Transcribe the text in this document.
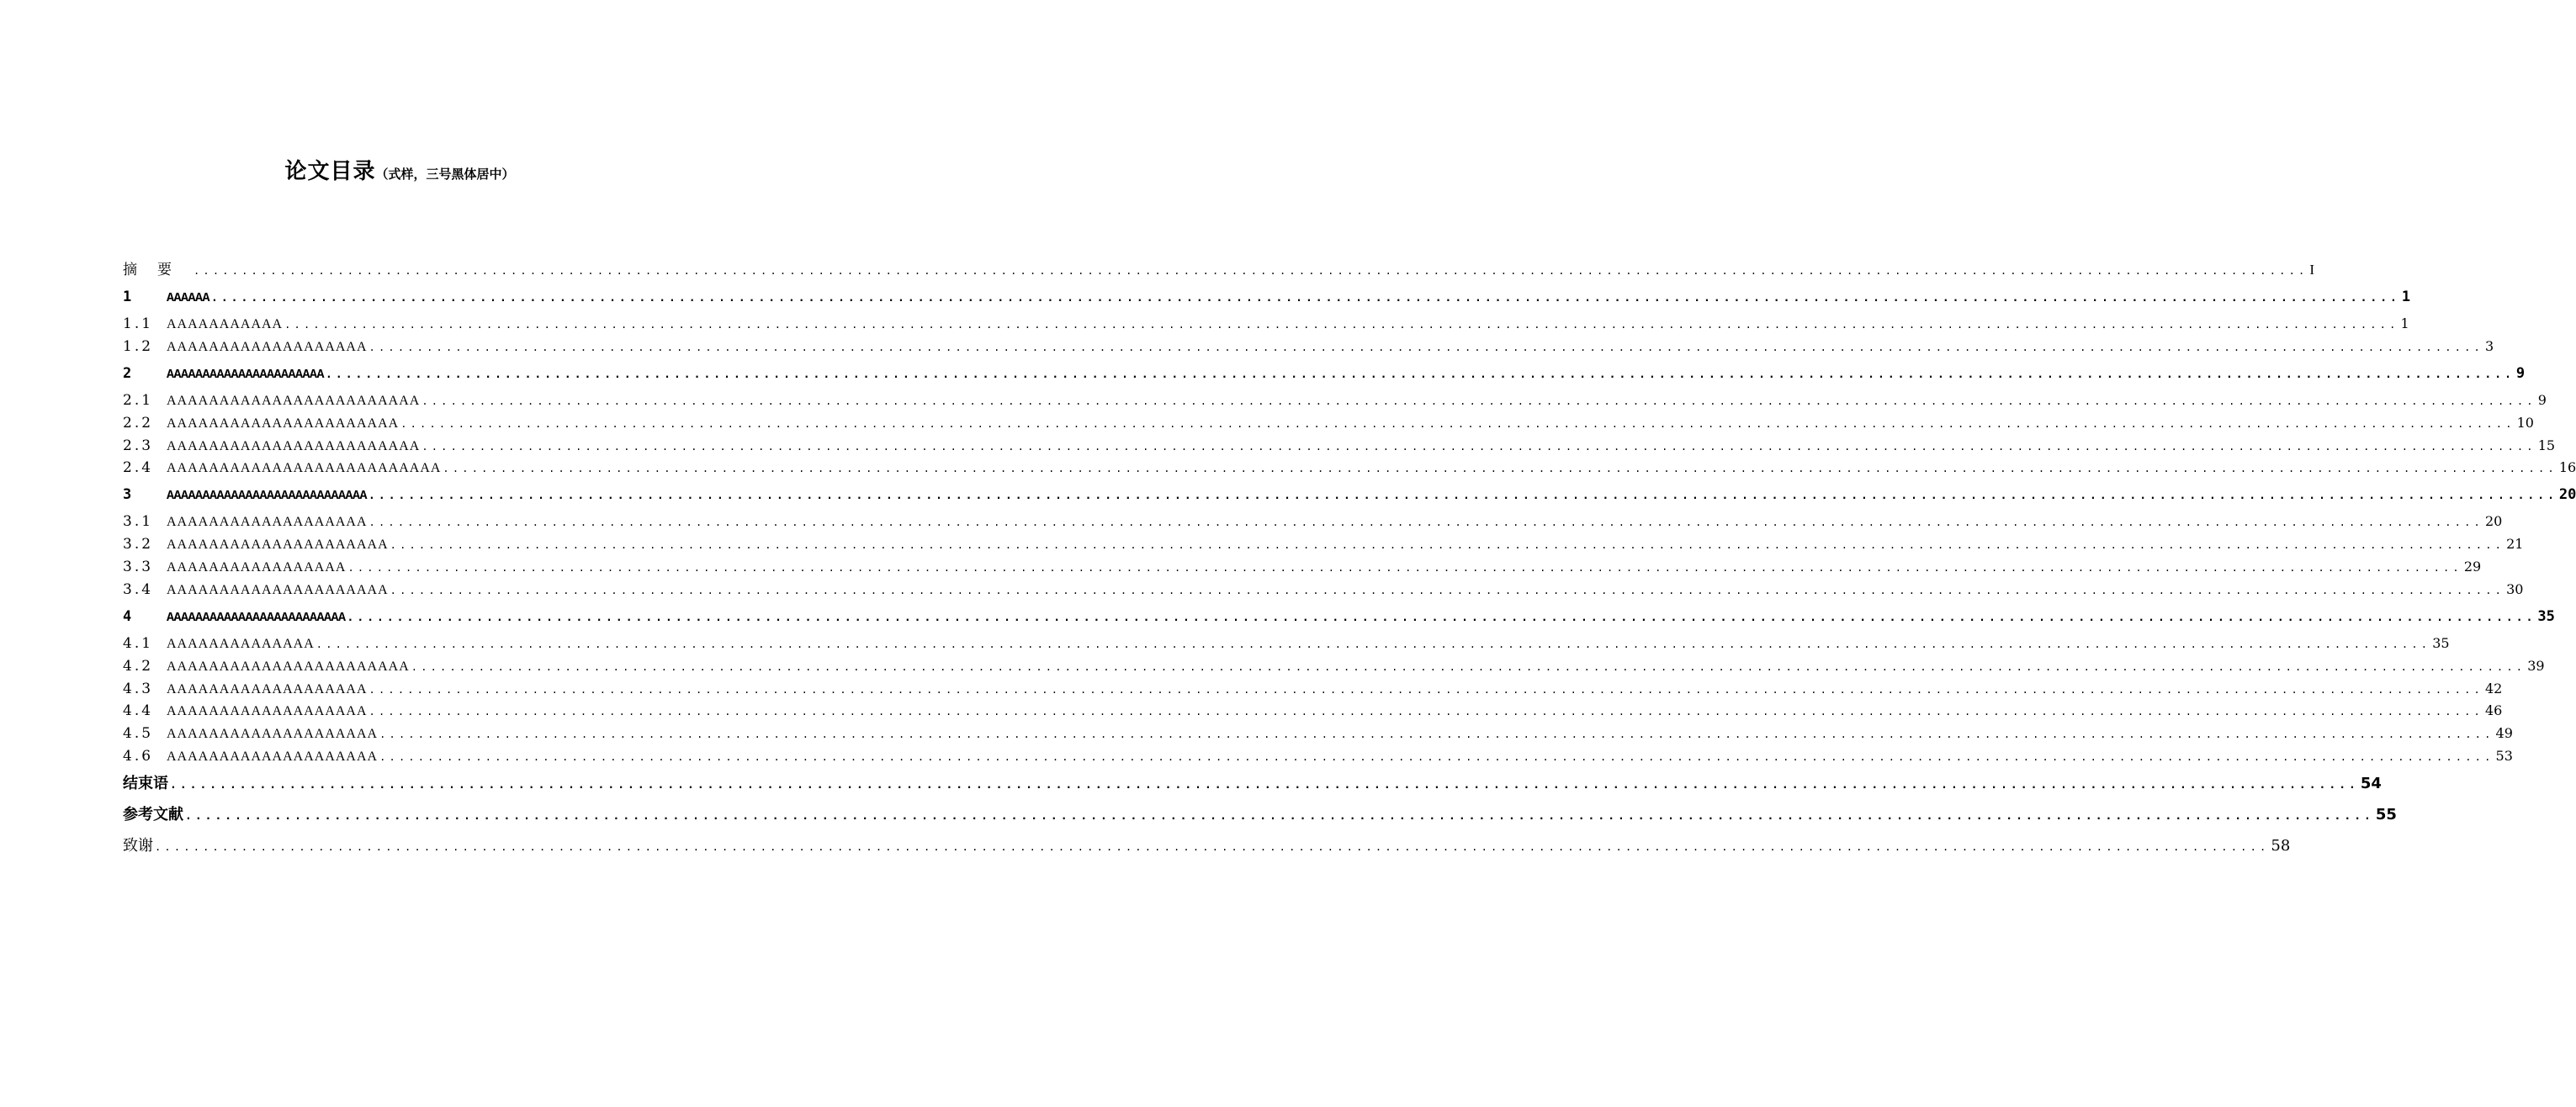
论文目录（式样，三号黑体居中）
摘要 ............................................................................................................................................................................................................................ I
1	AAAAAA ............................................................................................................................................................................................................................ 1
1.1 AAAAAAAAAAA ............................................................................................................................................................................................................................ 1
1.2 AAAAAAAAAAAAAAAAAAA ............................................................................................................................................................................................................................ 3
2	AAAAAAAAAAAAAAAAAAAAAA ............................................................................................................................................................................................................................ 9
2.1 AAAAAAAAAAAAAAAAAAAAAAAA ............................................................................................................................................................................................................................ 9
2.2 AAAAAAAAAAAAAAAAAAAAAA ............................................................................................................................................................................................................................ 10
2.3 AAAAAAAAAAAAAAAAAAAAAAAA ............................................................................................................................................................................................................................ 15
2.4 AAAAAAAAAAAAAAAAAAAAAAAAAA ............................................................................................................................................................................................................................ 16
3	AAAAAAAAAAAAAAAAAAAAAAAAAAAA ............................................................................................................................................................................................................................ 20
3.1 AAAAAAAAAAAAAAAAAAA ............................................................................................................................................................................................................................ 20
3.2 AAAAAAAAAAAAAAAAAAAAA ............................................................................................................................................................................................................................ 21
3.3 AAAAAAAAAAAAAAAAA ............................................................................................................................................................................................................................ 29
3.4 AAAAAAAAAAAAAAAAAAAAA ............................................................................................................................................................................................................................ 30
4	AAAAAAAAAAAAAAAAAAAAAAAAA ............................................................................................................................................................................................................................ 35
4.1 AAAAAAAAAAAAAA ............................................................................................................................................................................................................................ 35
4.2 AAAAAAAAAAAAAAAAAAAAAAA ............................................................................................................................................................................................................................ 39
4.3 AAAAAAAAAAAAAAAAAAA ............................................................................................................................................................................................................................ 42
4.4 AAAAAAAAAAAAAAAAAAA ............................................................................................................................................................................................................................ 46
4.5 AAAAAAAAAAAAAAAAAAAA ............................................................................................................................................................................................................................ 49
4.6 AAAAAAAAAAAAAAAAAAAA ............................................................................................................................................................................................................................ 53
结束语 ............................................................................................................................................................................................................................ 54
参考文献 ............................................................................................................................................................................................................................ 55
致谢 ............................................................................................................................................................................................................................ 58
